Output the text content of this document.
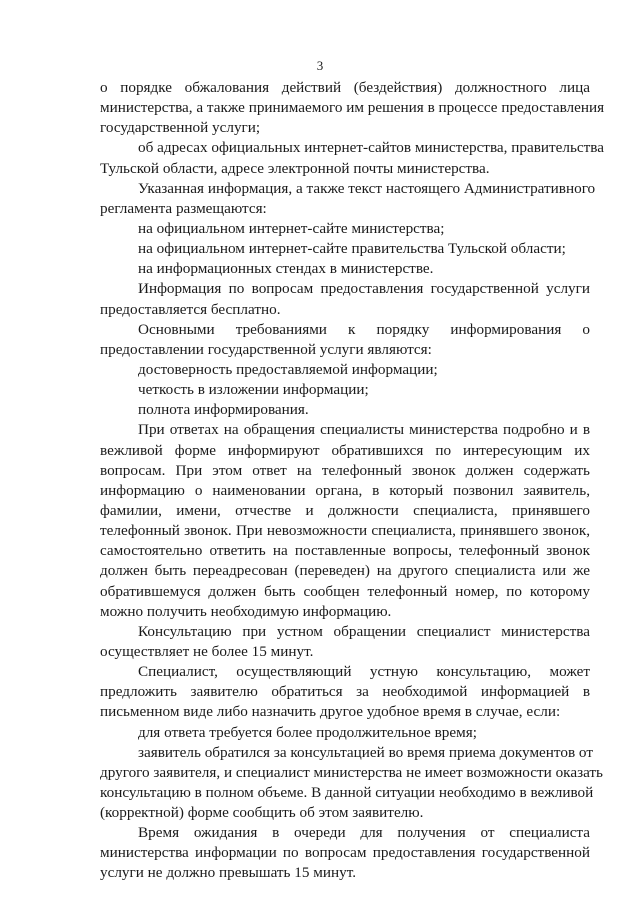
3
о порядке обжалования действий (бездействия) должностного лица
министерства, а также принимаемого им решения в процессе предоставления
государственной услуги;
об адресах официальных интернет-сайтов министерства, правительства
Тульской области, адресе электронной почты министерства.
Указанная информация, а также текст настоящего Административного
регламента размещаются:
на официальном интернет-сайте министерства;
на официальном интернет-сайте правительства Тульской области;
на информационных стендах в министерстве.
Информация по вопросам предоставления государственной услуги
предоставляется бесплатно.
Основными требованиями к порядку информирования о
предоставлении государственной услуги являются:
достоверность предоставляемой информации;
четкость в изложении информации;
полнота информирования.
При ответах на обращения специалисты министерства подробно и в
вежливой форме информируют обратившихся по интересующим их
вопросам. При этом ответ на телефонный звонок должен содержать
информацию о наименовании органа, в который позвонил заявитель,
фамилии, имени, отчестве и должности специалиста, принявшего
телефонный звонок. При невозможности специалиста, принявшего звонок,
самостоятельно ответить на поставленные вопросы, телефонный звонок
должен быть переадресован (переведен) на другого специалиста или же
обратившемуся должен быть сообщен телефонный номер, по которому
можно получить необходимую информацию.
Консультацию при устном обращении специалист министерства
осуществляет не более 15 минут.
Специалист, осуществляющий устную консультацию, может
предложить заявителю обратиться за необходимой информацией в
письменном виде либо назначить другое удобное время в случае, если:
для ответа требуется более продолжительное время;
заявитель обратился за консультацией во время приема документов от
другого заявителя, и специалист министерства не имеет возможности оказать
консультацию в полном объеме. В данной ситуации необходимо в вежливой
(корректной) форме сообщить об этом заявителю.
Время ожидания в очереди для получения от специалиста
министерства информации по вопросам предоставления государственной
услуги не должно превышать 15 минут.
